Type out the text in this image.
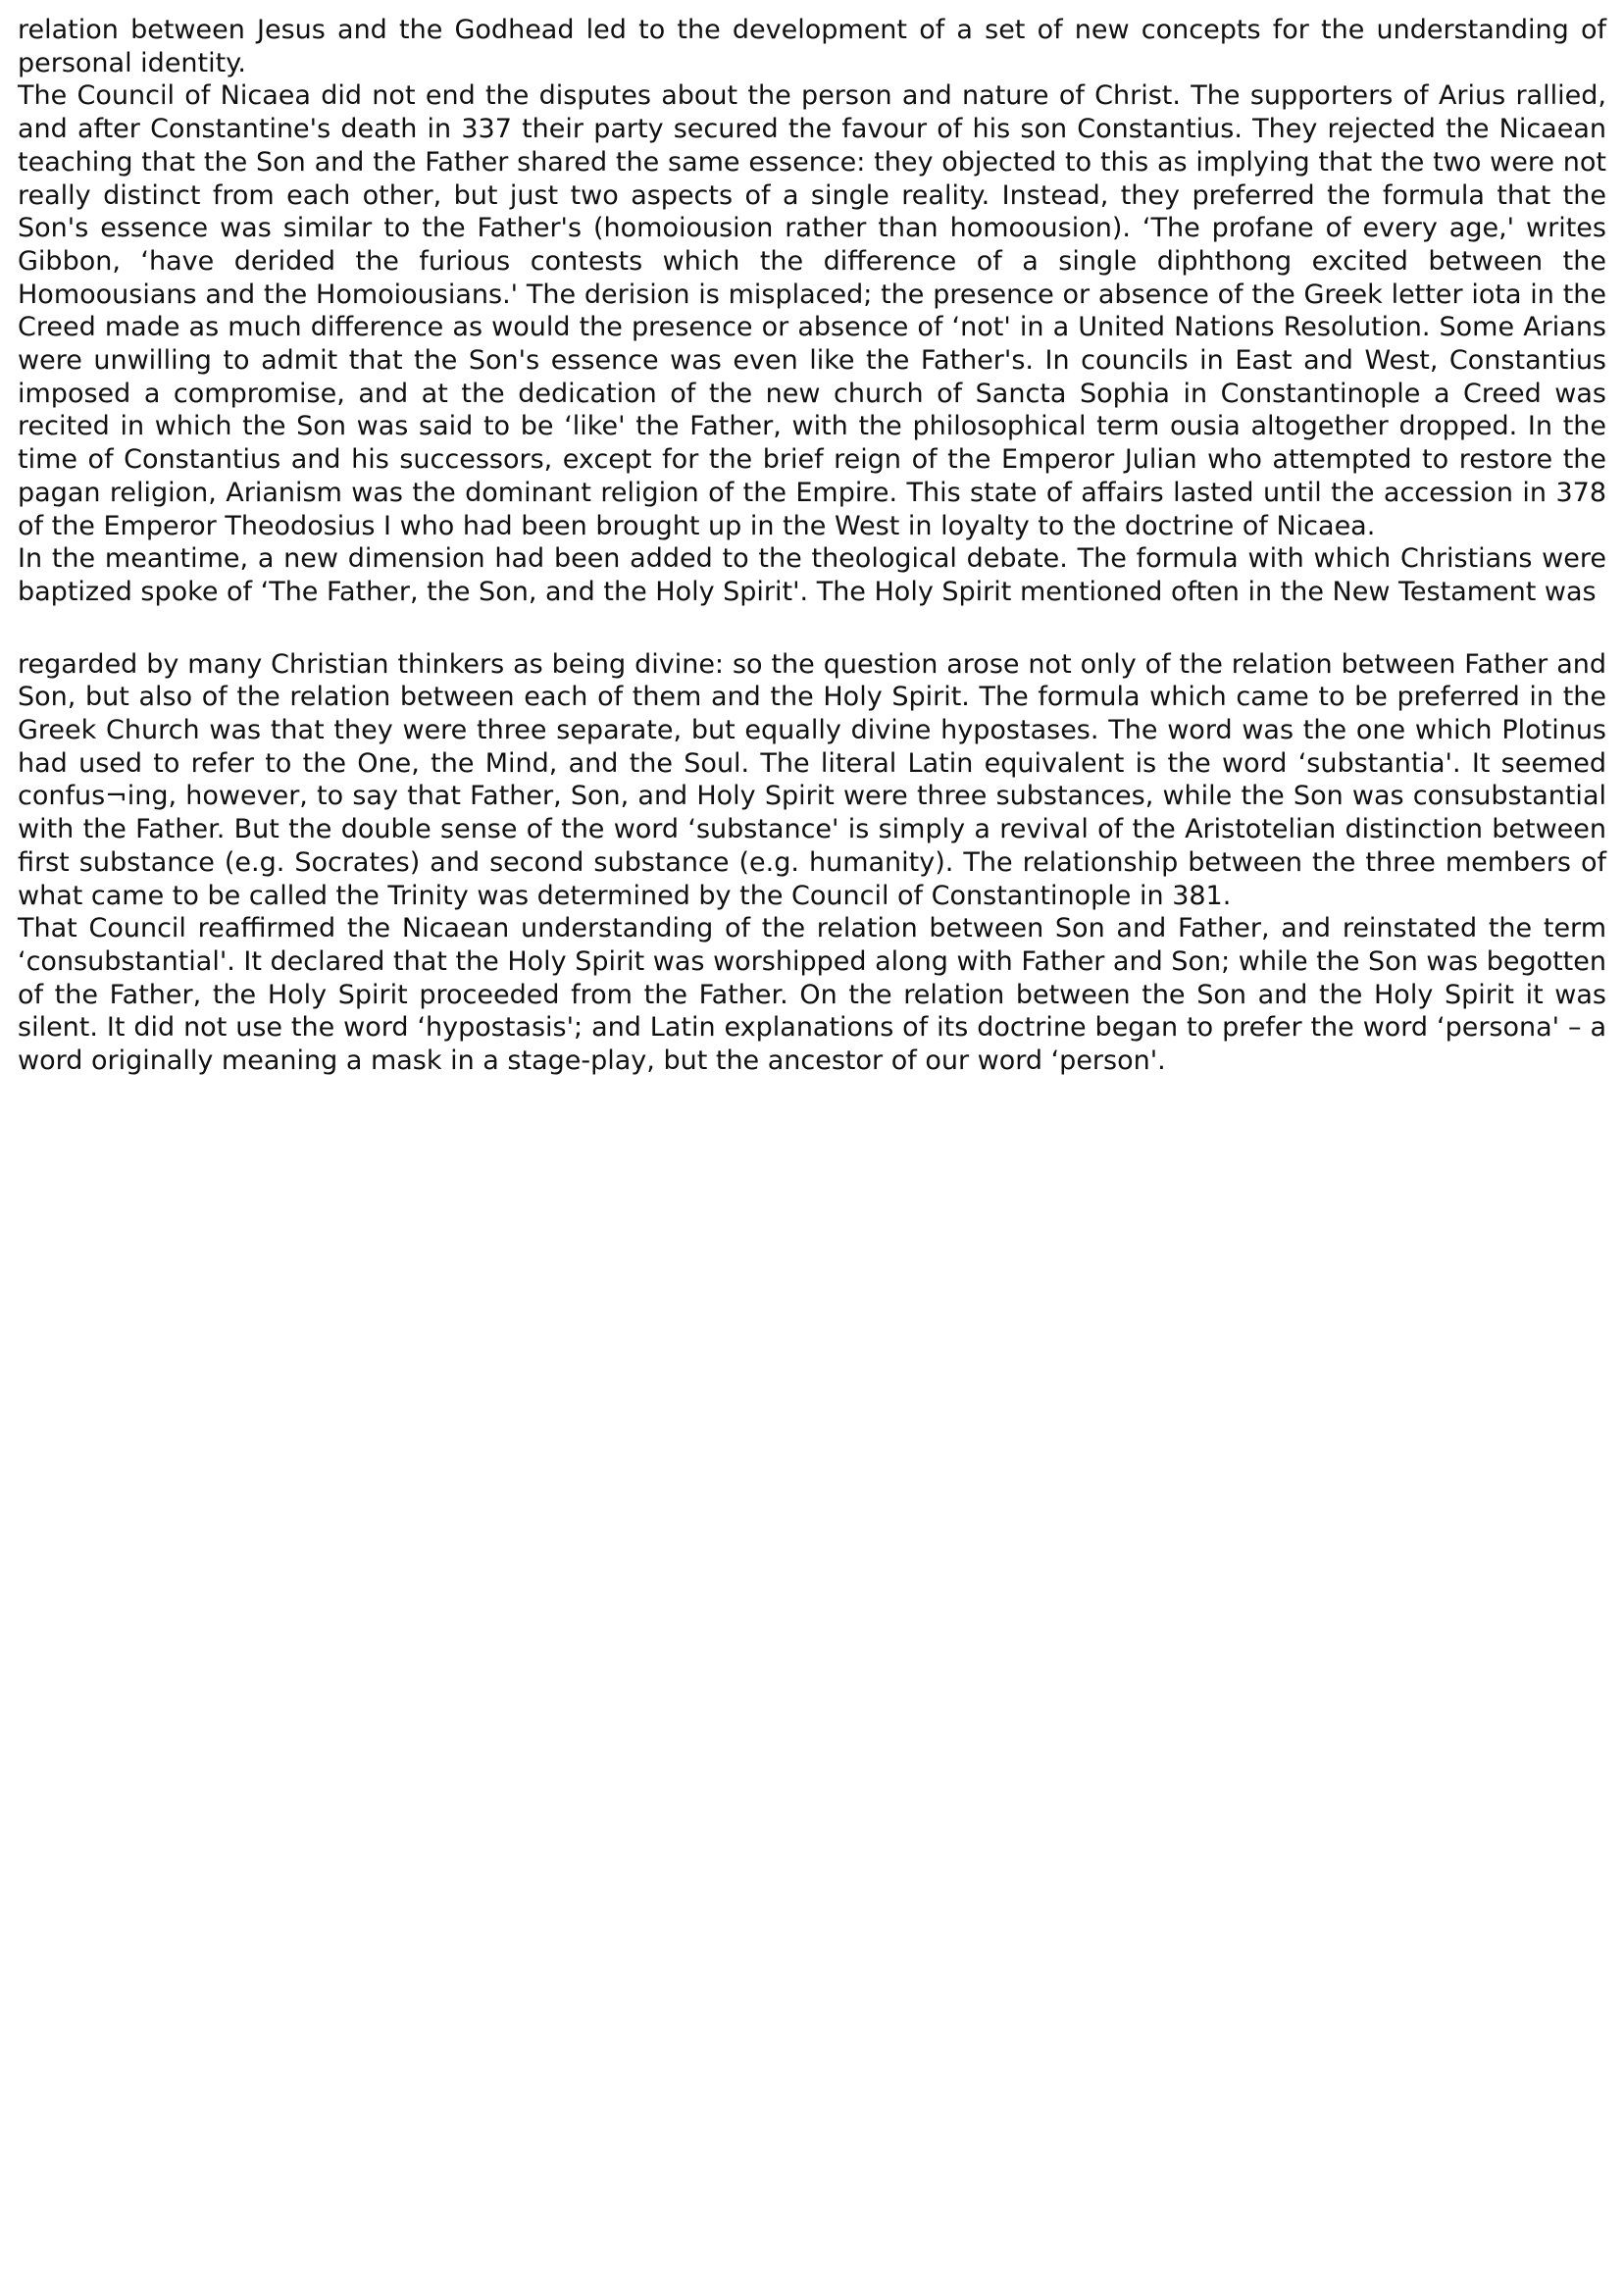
relation between Jesus and the Godhead led to the development of a set of new concepts for the understanding of personal identity.

The Council of Nicaea did not end the disputes about the person and nature of Christ. The supporters of Arius rallied, and after Constantine's death in 337 their party secured the favour of his son Constantius. They rejected the Nicaean teaching that the Son and the Father shared the same essence: they objected to this as implying that the two were not really distinct from each other, but just two aspects of a single reality. Instead, they preferred the formula that the Son's essence was similar to the Father's (homoiousion rather than homoousion). ‘The profane of every age,' writes Gibbon, ‘have derided the furious contests which the difference of a single diphthong excited between the Homoousians and the Homoiousians.' The derision is misplaced; the presence or absence of the Greek letter iota in the Creed made as much difference as would the presence or absence of ‘not' in a United Nations Resolution. Some Arians were unwilling to admit that the Son's essence was even like the Father's. In councils in East and West, Constantius imposed a compromise, and at the dedication of the new church of Sancta Sophia in Constantinople a Creed was recited in which the Son was said to be ‘like' the Father, with the philosophical term ousia altogether dropped. In the time of Constantius and his successors, except for the brief reign of the Emperor Julian who attempted to restore the pagan religion, Arianism was the dominant religion of the Empire. This state of affairs lasted until the accession in 378 of the Emperor Theodosius I who had been brought up in the West in loyalty to the doctrine of Nicaea.

In the meantime, a new dimension had been added to the theological debate. The formula with which Christians were baptized spoke of ‘The Father, the Son, and the Holy Spirit'. The Holy Spirit mentioned often in the New Testament was

regarded by many Christian thinkers as being divine: so the question arose not only of the relation between Father and Son, but also of the relation between each of them and the Holy Spirit. The formula which came to be preferred in the Greek Church was that they were three separate, but equally divine hypostases. The word was the one which Plotinus had used to refer to the One, the Mind, and the Soul. The literal Latin equivalent is the word ‘substantia'. It seemed confus¬ing, however, to say that Father, Son, and Holy Spirit were three substances, while the Son was consubstantial with the Father. But the double sense of the word ‘substance' is simply a revival of the Aristotelian distinction between first substance (e.g. Socrates) and second substance (e.g. humanity). The relationship between the three members of what came to be called the Trinity was determined by the Council of Constantinople in 381.

That Council reaffirmed the Nicaean understanding of the relation between Son and Father, and reinstated the term ‘consubstantial'. It declared that the Holy Spirit was worshipped along with Father and Son; while the Son was begotten of the Father, the Holy Spirit proceeded from the Father. On the relation between the Son and the Holy Spirit it was silent. It did not use the word ‘hypostasis'; and Latin explanations of its doctrine began to prefer the word ‘persona' – a word originally meaning a mask in a stage-play, but the ancestor of our word ‘person'.
